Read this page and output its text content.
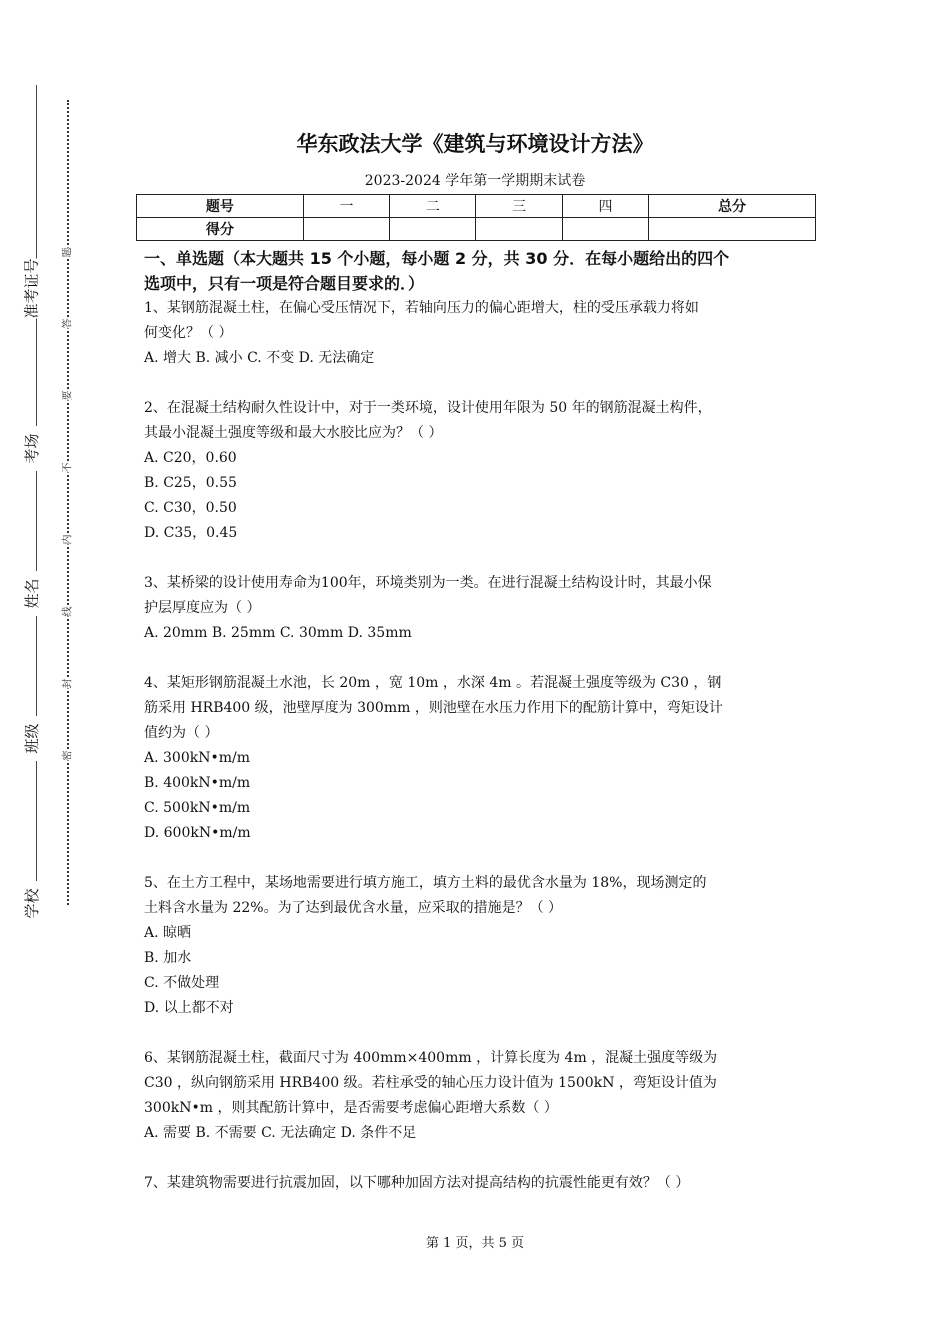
准考证号
考场
姓名
班级
学校
题
答
要
不
内
线
封
密
华东政法大学《建筑与环境设计方法》
2023-2024 学年第一学期期末试卷
题号	一	二	三	四	总分
得分					
一、单选题（本大题共 15 个小题，每小题 2 分，共 30 分．在每小题给出的四个
选项中，只有一项是符合题目要求的．）
1、某钢筋混凝土柱，在偏心受压情况下，若轴向压力的偏心距增大，柱的受压承载力将如
何变化？（ ）
A. 增大 B. 减小 C. 不变 D. 无法确定
2、在混凝土结构耐久性设计中，对于一类环境，设计使用年限为 50 年的钢筋混凝土构件，
其最小混凝土强度等级和最大水胶比应为？（ ）
A. C20，0.60
B. C25，0.55
C. C30，0.50
D. C35，0.45
3、某桥梁的设计使用寿命为100年，环境类别为一类。在进行混凝土结构设计时，其最小保
护层厚度应为（ ）
A. 20mm B. 25mm C. 30mm D. 35mm
4、某矩形钢筋混凝土水池，长 20m ，宽 10m ，水深 4m 。若混凝土强度等级为 C30 ，钢
筋采用 HRB400 级，池壁厚度为 300mm ，则池壁在水压力作用下的配筋计算中，弯矩设计
值约为（ ）
A. 300kN•m/m
B. 400kN•m/m
C. 500kN•m/m
D. 600kN•m/m
5、在土方工程中，某场地需要进行填方施工，填方土料的最优含水量为 18%，现场测定的
土料含水量为 22%。为了达到最优含水量，应采取的措施是？（ ）
A. 晾晒
B. 加水
C. 不做处理
D. 以上都不对
6、某钢筋混凝土柱，截面尺寸为 400mm×400mm ，计算长度为 4m ，混凝土强度等级为
C30 ，纵向钢筋采用 HRB400 级。若柱承受的轴心压力设计值为 1500kN ，弯矩设计值为
300kN•m ，则其配筋计算中，是否需要考虑偏心距增大系数（ ）
A. 需要 B. 不需要 C. 无法确定 D. 条件不足
7、某建筑物需要进行抗震加固，以下哪种加固方法对提高结构的抗震性能更有效？（ ）
第 1 页，共 5 页
